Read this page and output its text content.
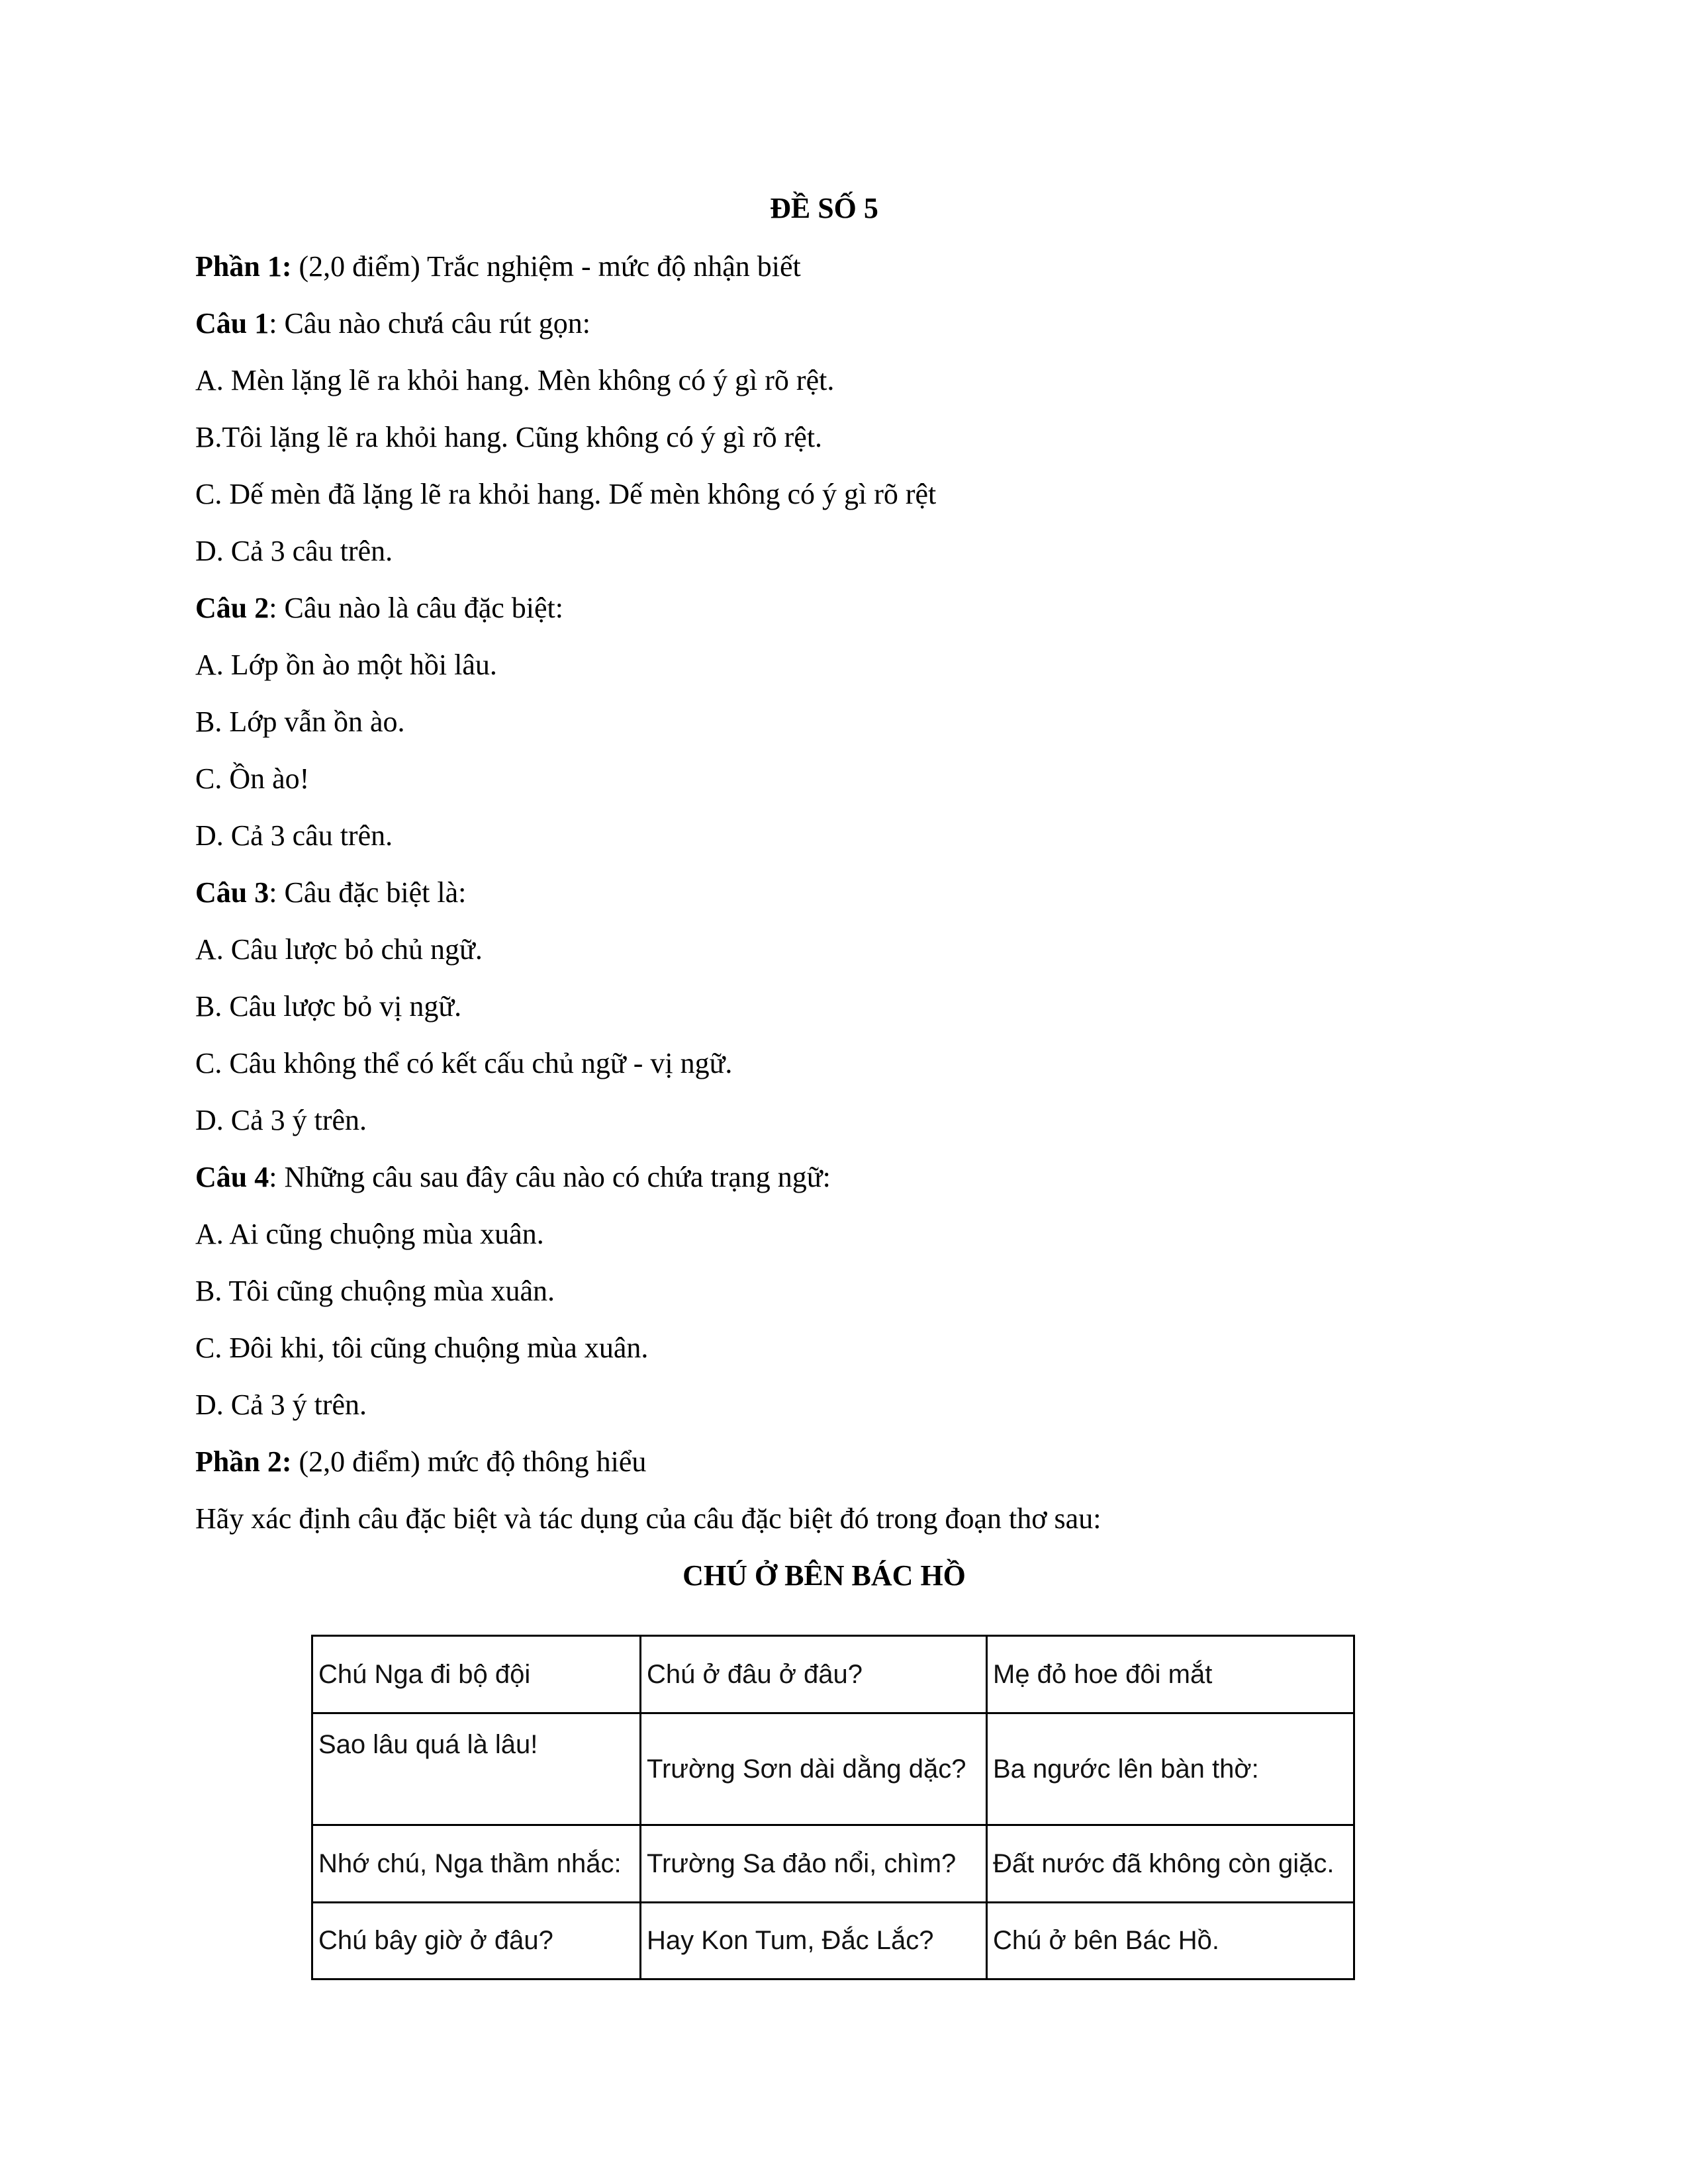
ĐỀ SỐ 5
Phần 1: (2,0 điểm) Trắc nghiệm - mức độ nhận biết
Câu 1: Câu nào chưá câu rút gọn:
A. Mèn lặng lẽ ra khỏi hang. Mèn không có ý gì rõ rệt.
B.Tôi lặng lẽ ra khỏi hang. Cũng không có ý gì rõ rệt.
C. Dế mèn đã lặng lẽ ra khỏi hang. Dế mèn không có ý gì rõ rệt
D. Cả 3 câu trên.
Câu 2: Câu nào là câu đặc biệt:
A. Lớp ồn ào một hồi lâu.
B. Lớp vẫn ồn ào.
C. Ồn ào!
D. Cả 3 câu trên.
Câu 3: Câu đặc biệt là:
A. Câu lược bỏ chủ ngữ.
B. Câu lược bỏ vị ngữ.
C. Câu không thể có kết cấu chủ ngữ - vị ngữ.
D. Cả 3 ý trên.
Câu 4: Những câu sau đây câu nào có chứa trạng ngữ:
A. Ai cũng chuộng mùa xuân.
B. Tôi cũng chuộng mùa xuân.
C. Đôi khi, tôi cũng chuộng mùa xuân.
D. Cả 3 ý trên.
Phần 2: (2,0 điểm) mức độ thông hiểu
Hãy xác định câu đặc biệt và tác dụng của câu đặc biệt đó trong đoạn thơ sau:
CHÚ Ở BÊN BÁC HỒ
Chú Nga đi bộ đội	Chú ở đâu ở đâu?	Mẹ đỏ hoe đôi mắt
Sao lâu quá là lâu!	Trường Sơn dài dằng dặc?	Ba ngước lên bàn thờ:
Nhớ chú, Nga thầm nhắc:	Trường Sa đảo nổi, chìm?	Đất nước đã không còn giặc.
Chú bây giờ ở đâu?	Hay Kon Tum, Đắc Lắc?	Chú ở bên Bác Hồ.
